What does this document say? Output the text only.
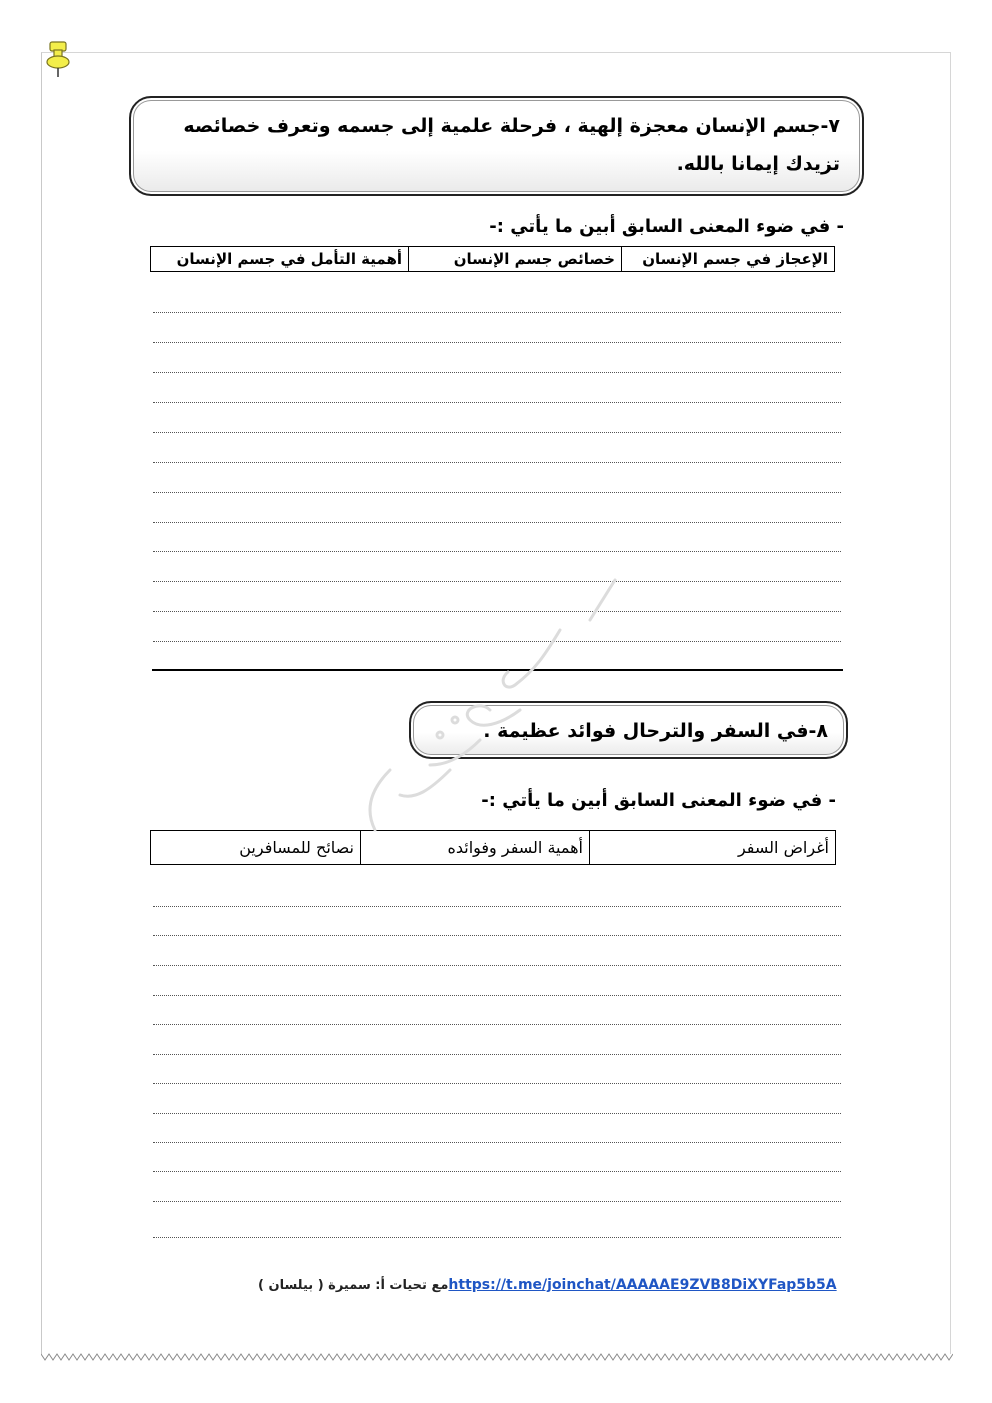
٧-جسم الإنسان معجزة إلهية ، فرحلة علمية إلى جسمه وتعرف خصائصه تزيدك إيمانا بالله.
- في ضوء المعنى السابق أبين ما يأتي :-
الإعجاز في جسم الإنسان	خصائص جسم الإنسان	أهمية التأمل في جسم الإنسان
٨-في السفر والترحال فوائد عظيمة .
- في ضوء المعنى السابق أبين ما يأتي :-
أغراض السفر	أهمية السفر وفوائده	نصائح للمسافرين
مع تحيات أ: سميرة ( بيلسان ) https://t.me/joinchat/AAAAAE9ZVB8DiXYFap5b5A
